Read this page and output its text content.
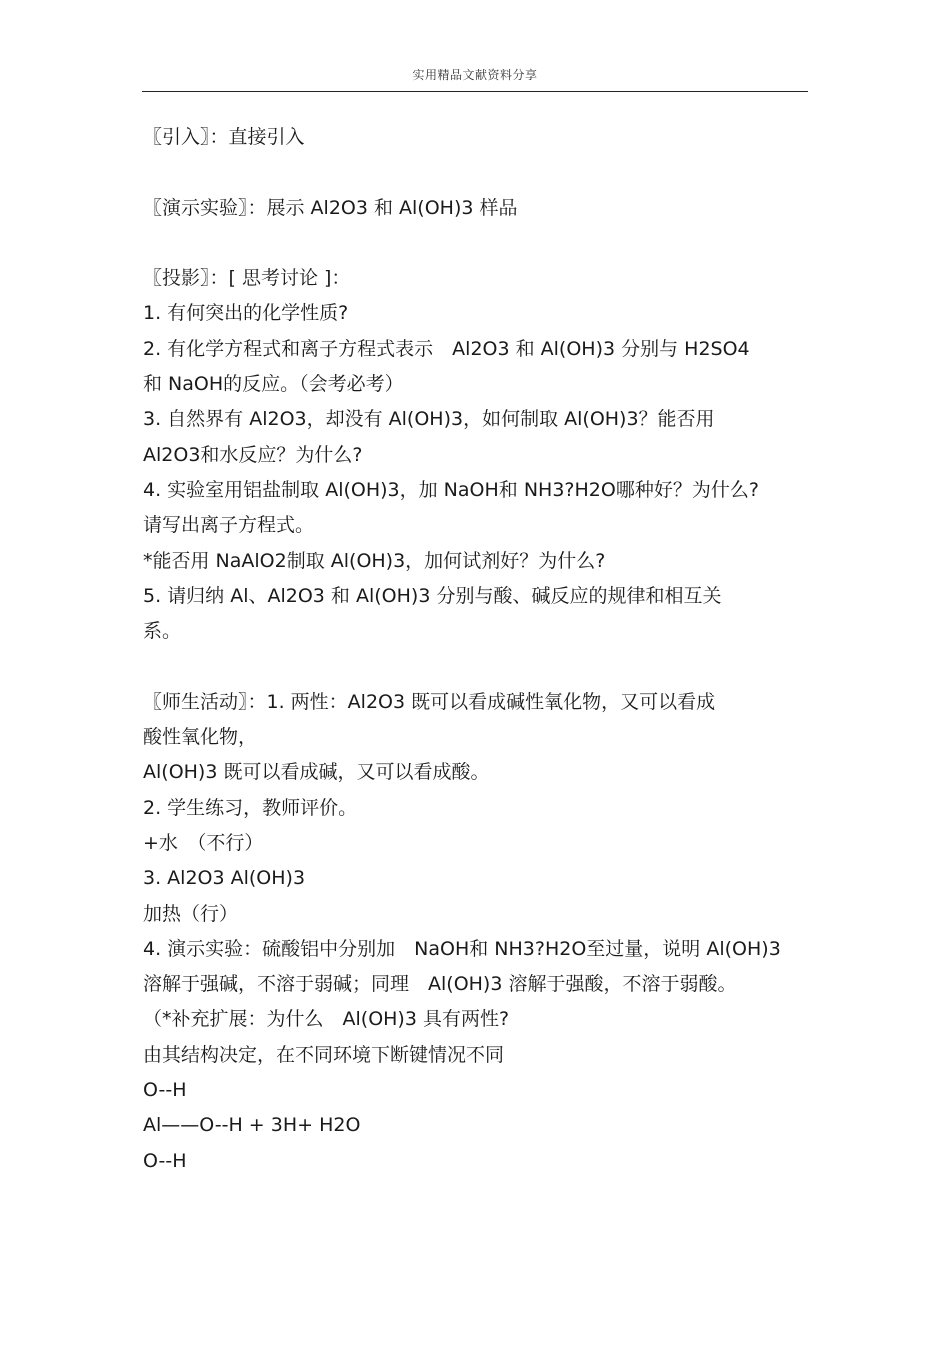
实用精品文献资料分享
〖引入〗：直接引入
〖演示实验〗：展示 Al2O3 和 Al(OH)3 样品
〖投影〗：[ 思考讨论 ]：
1. 有何突出的化学性质?
2. 有化学方程式和离子方程式表示　Al2O3 和 Al(OH)3 分别与 H2SO4
和 NaOH的反应。（会考必考）
3. 自然界有 Al2O3，却没有 Al(OH)3，如何制取 Al(OH)3？能否用
Al2O3和水反应？为什么?
4. 实验室用铝盐制取 Al(OH)3，加 NaOH和 NH3?H2O哪种好？为什么?
请写出离子方程式。
*能否用 NaAlO2制取 Al(OH)3，加何试剂好？为什么?
5. 请归纳 Al、Al2O3 和 Al(OH)3 分别与酸、碱反应的规律和相互关
系。
〖师生活动〗：1. 两性：Al2O3 既可以看成碱性氧化物，又可以看成
酸性氧化物，
Al(OH)3 既可以看成碱，又可以看成酸。
2. 学生练习，教师评价。
+水　（不行）
3. Al2O3 Al(OH)3
加热（行）
4. 演示实验：硫酸铝中分别加　NaOH和 NH3?H2O至过量，说明 Al(OH)3
溶解于强碱，不溶于弱碱；同理　Al(OH)3 溶解于强酸，不溶于弱酸。
（*补充扩展：为什么　Al(OH)3 具有两性?
由其结构决定，在不同环境下断键情况不同
O--H
Al——O--H + 3H+ H2O
O--H
